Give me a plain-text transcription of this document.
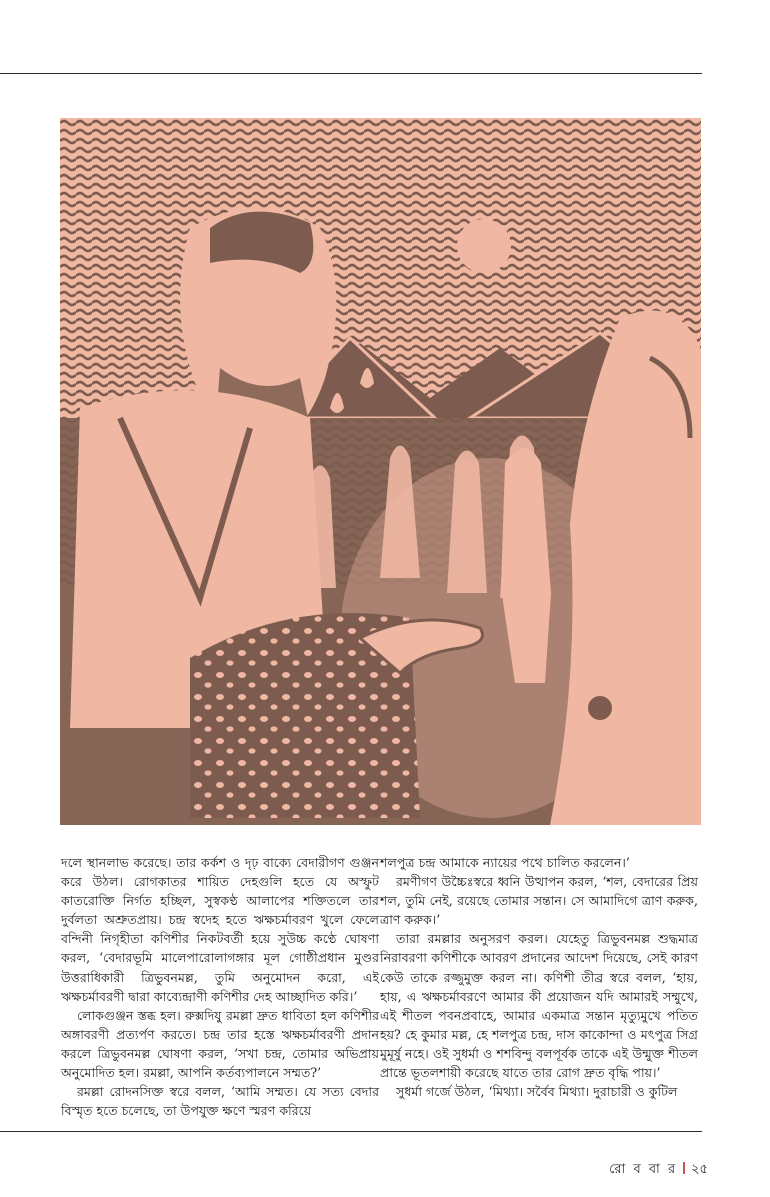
দলে স্থানলাভ করেছে। তার কর্কশ ও দৃঢ় বাক্যে বেদারীগণ গুঞ্জন করে উঠল। রোগকাতর শায়িত দেহগুলি হতে যে অস্ফুট কাতরোক্তি নির্গত হচ্ছিল, সুস্বকণ্ঠ আলাপের শক্তিতলে তার দুর্বলতা অশ্রুতপ্রায়। চন্দ্র স্বদেহ হতে ঋক্ষচর্মাবরণ খুলে ফেলে বন্দিনী নিগৃহীতা কণিশীর নিকটবর্তী হয়ে সুউচ্চ কণ্ঠে ঘোষণা করল, ‘বেদারভূমি মালেপারোলাগঙ্গার মূল গোষ্ঠীপ্রধান মুণ্ডর উত্তরাধিকারী ত্রিভুবনমল্ল, তুমি অনুমোদন করো, এই ঋক্ষচর্মাবরণী দ্বারা কাব্যেন্দ্রাণী কণিশীর দেহ আচ্ছাদিত করি।’

লোকগুঞ্জন স্তব্ধ হল। রুক্সদিযু রমল্লা দ্রুত ধাবিতা হল কণিশীর অঙ্গাবরণী প্রত্যর্পণ করতে। চন্দ্র তার হস্তে ঋক্ষচর্মাবরণী প্রদান করলে ত্রিভুবনমল্ল ঘোষণা করল, ‘সখা চন্দ্র, তোমার অভিপ্রায় অনুমোদিত হল। রমল্লা, আপনি কর্তব্যপালনে সম্মত?’

রমল্লা রোদনসিক্ত স্বরে বলল, ‘আমি সম্মত। যে সত্য বেদার বিস্মৃত হতে চলেছে, তা উপযুক্ত ক্ষণে স্মরণ করিয়ে

শলপুত্র চন্দ্র আমাকে ন্যায়ের পথে চালিত করলেন।’

রমণীগণ উচ্চৈঃস্বরে ধ্বনি উত্থাপন করল, ‘শল, বেদারের প্রিয় শল, তুমি নেই, রয়েছে তোমার সন্তান। সে আমাদিগে ত্রাণ করুক, ত্রাণ করুক।’

তারা রমল্লার অনুসরণ করল। যেহেতু ত্রিভুবনমল্ল শুদ্ধমাত্র নিরাবরণা কণিশীকে আবরণ প্রদানের আদেশ দিয়েছে, সেই কারণ কেউ তাকে রজ্জুমুক্ত করল না। কণিশী তীব্র স্বরে বলল, ‘হায়, হায়, এ ঋক্ষচর্মাবরণে আমার কী প্রয়োজন যদি আমারই সম্মুখে, এই শীতল পবনপ্রবাহে, আমার একমাত্র সন্তান মৃত্যুমুখে পতিত হয়? হে কুমার মল্ল, হে শলপুত্র চন্দ্র, দাস কাকোন্দা ও মৎপুত্র সিগ্র মুমূর্ষু নহে। ওই সুধর্মা ও শশবিন্দু বলপূর্বক তাকে এই উন্মুক্ত শীতল প্রান্তে ভূতলশায়ী করেছে যাতে তার রোগ দ্রুত বৃদ্ধি পায়।’

সুধর্মা গর্জে উঠল, ‘মিথ্যা। সর্বৈব মিথ্যা। দুরাচারী ও কুটিল

রো ব বা র ২৫
